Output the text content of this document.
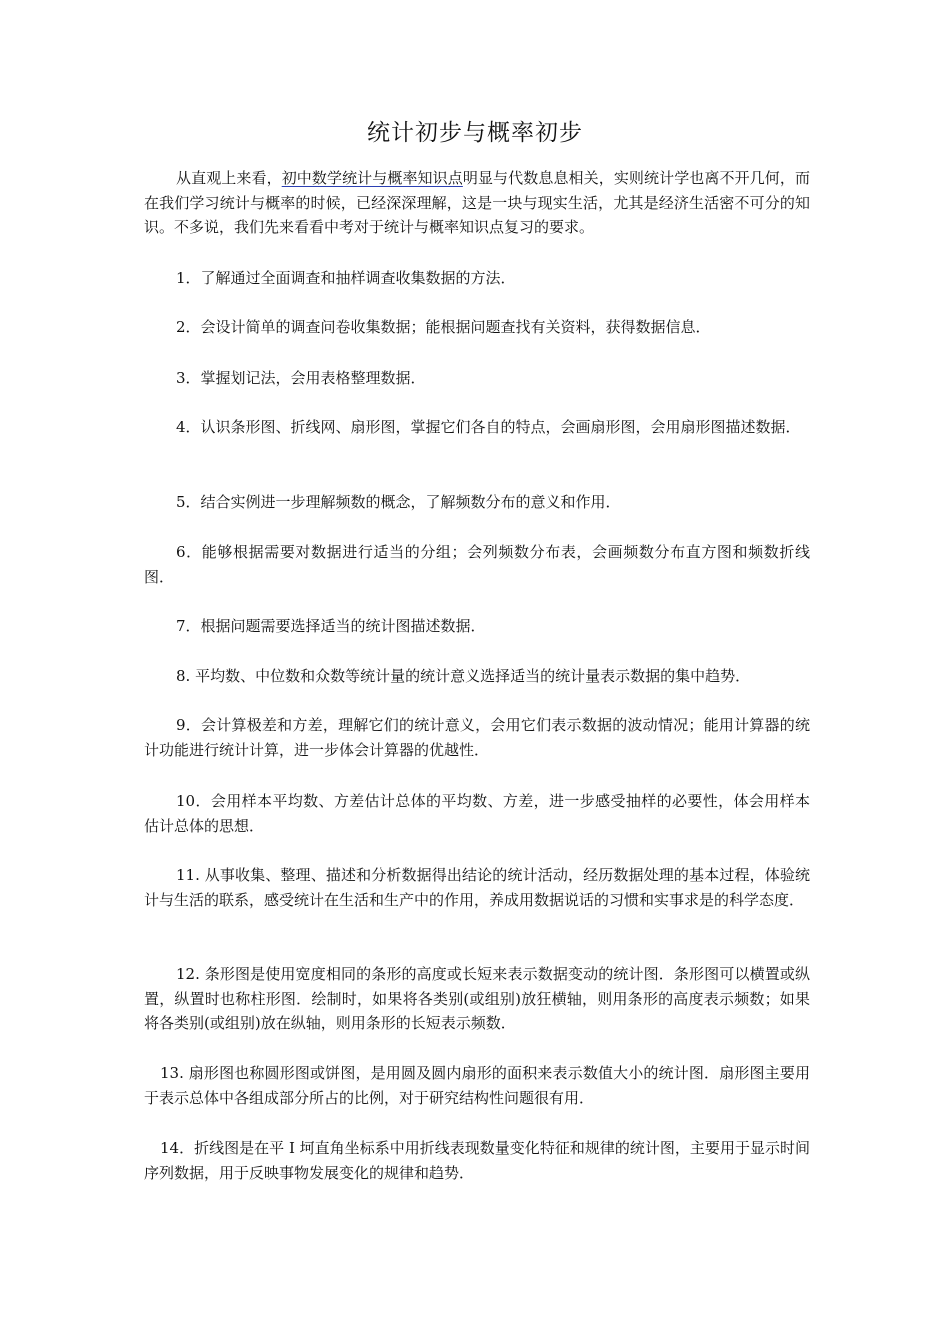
统计初步与概率初步

从直观上来看，初中数学统计与概率知识点明显与代数息息相关，实则统计学也离不开几何，而在我们学习统计与概率的时候，已经深深理解，这是一块与现实生活，尤其是经济生活密不可分的知识。不多说，我们先来看看中考对于统计与概率知识点复习的要求。

1．了解通过全面调查和抽样调查收集数据的方法．

2．会设计简单的调查问卷收集数据；能根据问题查找有关资料，获得数据信息．

3．掌握划记法，会用表格整理数据．

4．认识条形图、折线网、扇形图，掌握它们各自的特点，会画扇形图，会用扇形图描述数据．

5．结合实例进一步理解频数的概念，了解频数分布的意义和作用．

6．能够根据需要对数据进行适当的分组；会列频数分布表，会画频数分布直方图和频数折线图．

7．根据问题需要选择适当的统计图描述数据．

8. 平均数、中位数和众数等统计量的统计意义选择适当的统计量表示数据的集中趋势．

9．会计算极差和方差，理解它们的统计意义，会用它们表示数据的波动情况；能用计算器的统计功能进行统计计算，进一步体会计算器的优越性．

10．会用样本平均数、方差估计总体的平均数、方差，进一步感受抽样的必要性，体会用样本估计总体的思想．

11. 从事收集、整理、描述和分析数据得出结论的统计活动，经历数据处理的基本过程，体验统计与生活的联系，感受统计在生活和生产中的作用，养成用数据说话的习惯和实事求是的科学态度．

12. 条形图是使用宽度相同的条形的高度或长短来表示数据变动的统计图．条形图可以横置或纵置，纵置时也称柱形图．绘制时，如果将各类别(或组别)放狂横轴，则用条形的高度表示频数；如果将各类别(或组别)放在纵轴，则用条形的长短表示频数．

13. 扇形图也称圆形图或饼图，是用圆及圆内扇形的面积来表示数值大小的统计图．扇形图主要用于表示总体中各组成部分所占的比例，对于研究结构性问题很有用．

14．折线图是在平 I 坷直角坐标系中用折线表现数量变化特征和规律的统计图，主要用于显示时间序列数据，用于反映事物发展变化的规律和趋势．
